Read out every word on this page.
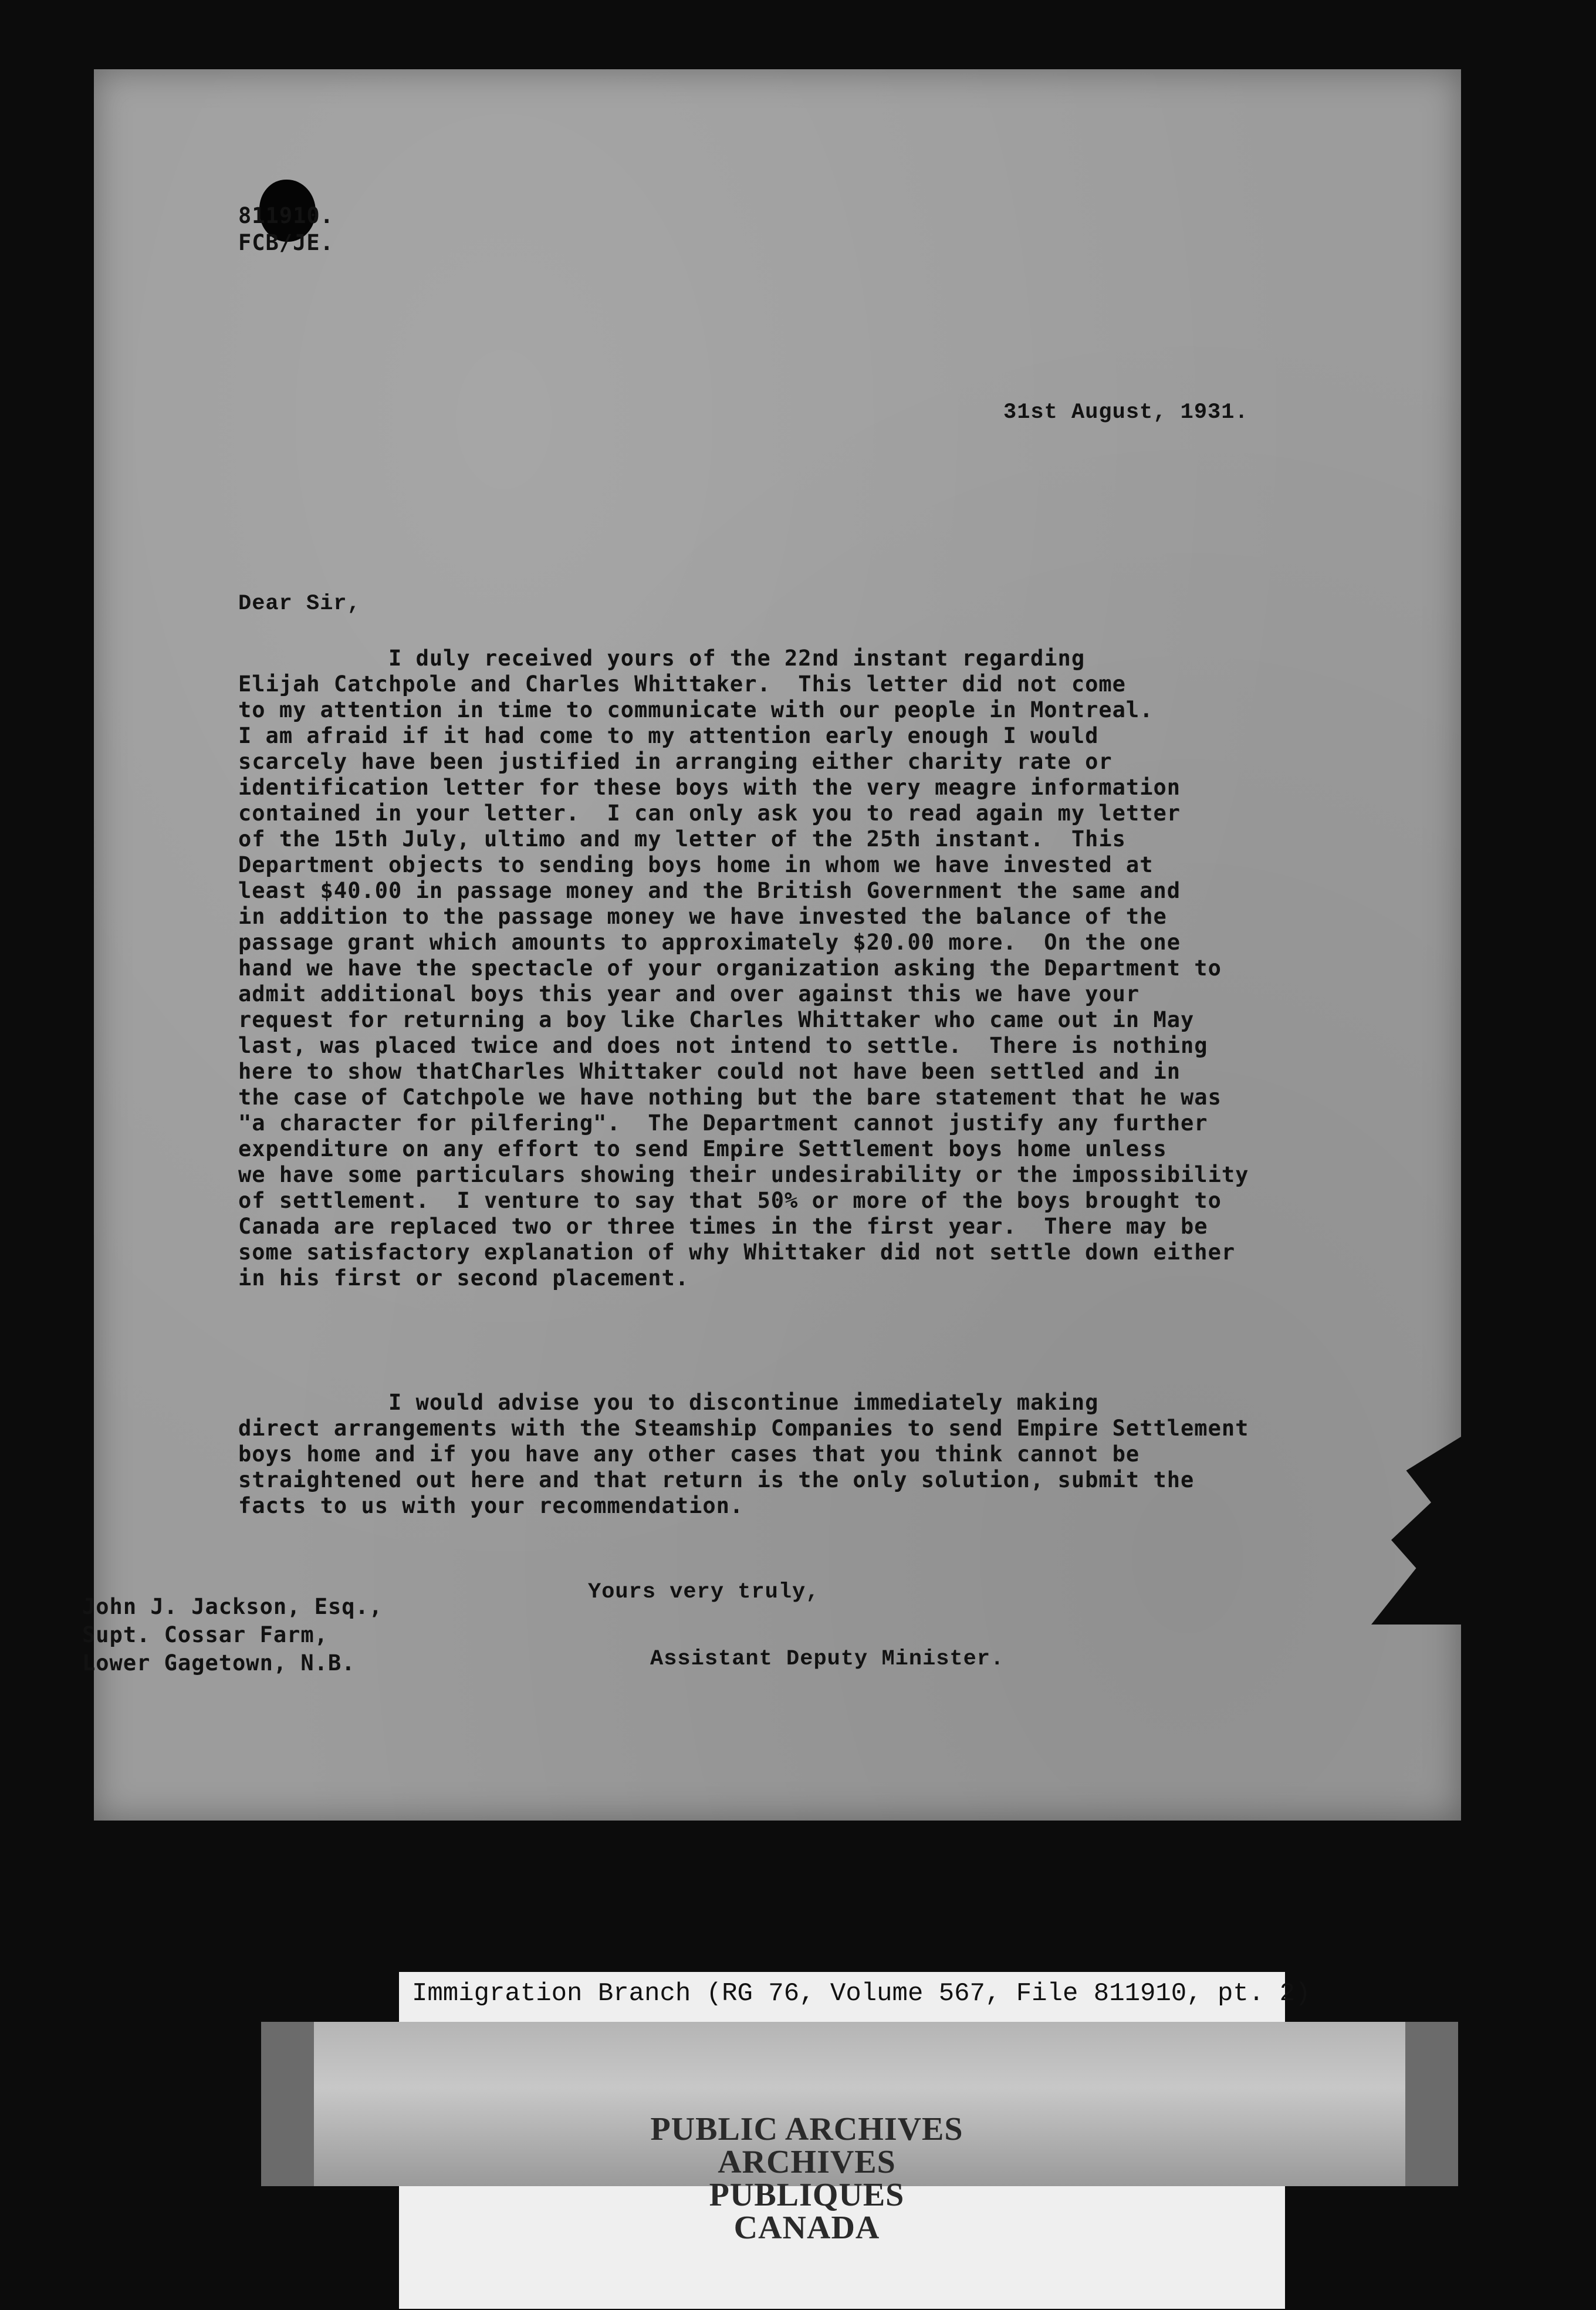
811910.
FCB/JE.

31st August, 1931.

Dear Sir,

I duly received yours of the 22nd instant regarding
Elijah Catchpole and Charles Whittaker.  This letter did not come
to my attention in time to communicate with our people in Montreal.
I am afraid if it had come to my attention early enough I would
scarcely have been justified in arranging either charity rate or
identification letter for these boys with the very meagre information
contained in your letter.  I can only ask you to read again my letter
of the 15th July, ultimo and my letter of the 25th instant.  This
Department objects to sending boys home in whom we have invested at
least $40.00 in passage money and the British Government the same and
in addition to the passage money we have invested the balance of the
passage grant which amounts to approximately $20.00 more.  On the one
hand we have the spectacle of your organization asking the Department to
admit additional boys this year and over against this we have your
request for returning a boy like Charles Whittaker who came out in May
last, was placed twice and does not intend to settle.  There is nothing
here to show thatCharles Whittaker could not have been settled and in
the case of Catchpole we have nothing but the bare statement that he was
"a character for pilfering".  The Department cannot justify any further
expenditure on any effort to send Empire Settlement boys home unless
we have some particulars showing their undesirability or the impossibility
of settlement.  I venture to say that 50% or more of the boys brought to
Canada are replaced two or three times in the first year.  There may be
some satisfactory explanation of why Whittaker did not settle down either
in his first or second placement.
I would advise you to discontinue immediately making
direct arrangements with the Steamship Companies to send Empire Settlement
boys home and if you have any other cases that you think cannot be
straightened out here and that return is the only solution, submit the
facts to us with your recommendation.

Yours very truly,

John J. Jackson, Esq.,
Supt. Cossar Farm,
Lower Gagetown, N.B.	Assistant Deputy Minister.

Immigration Branch (RG 76, Volume 567, File 811910, pt. 2)
PUBLIC ARCHIVES
ARCHIVES PUBLIQUES
CANADA
